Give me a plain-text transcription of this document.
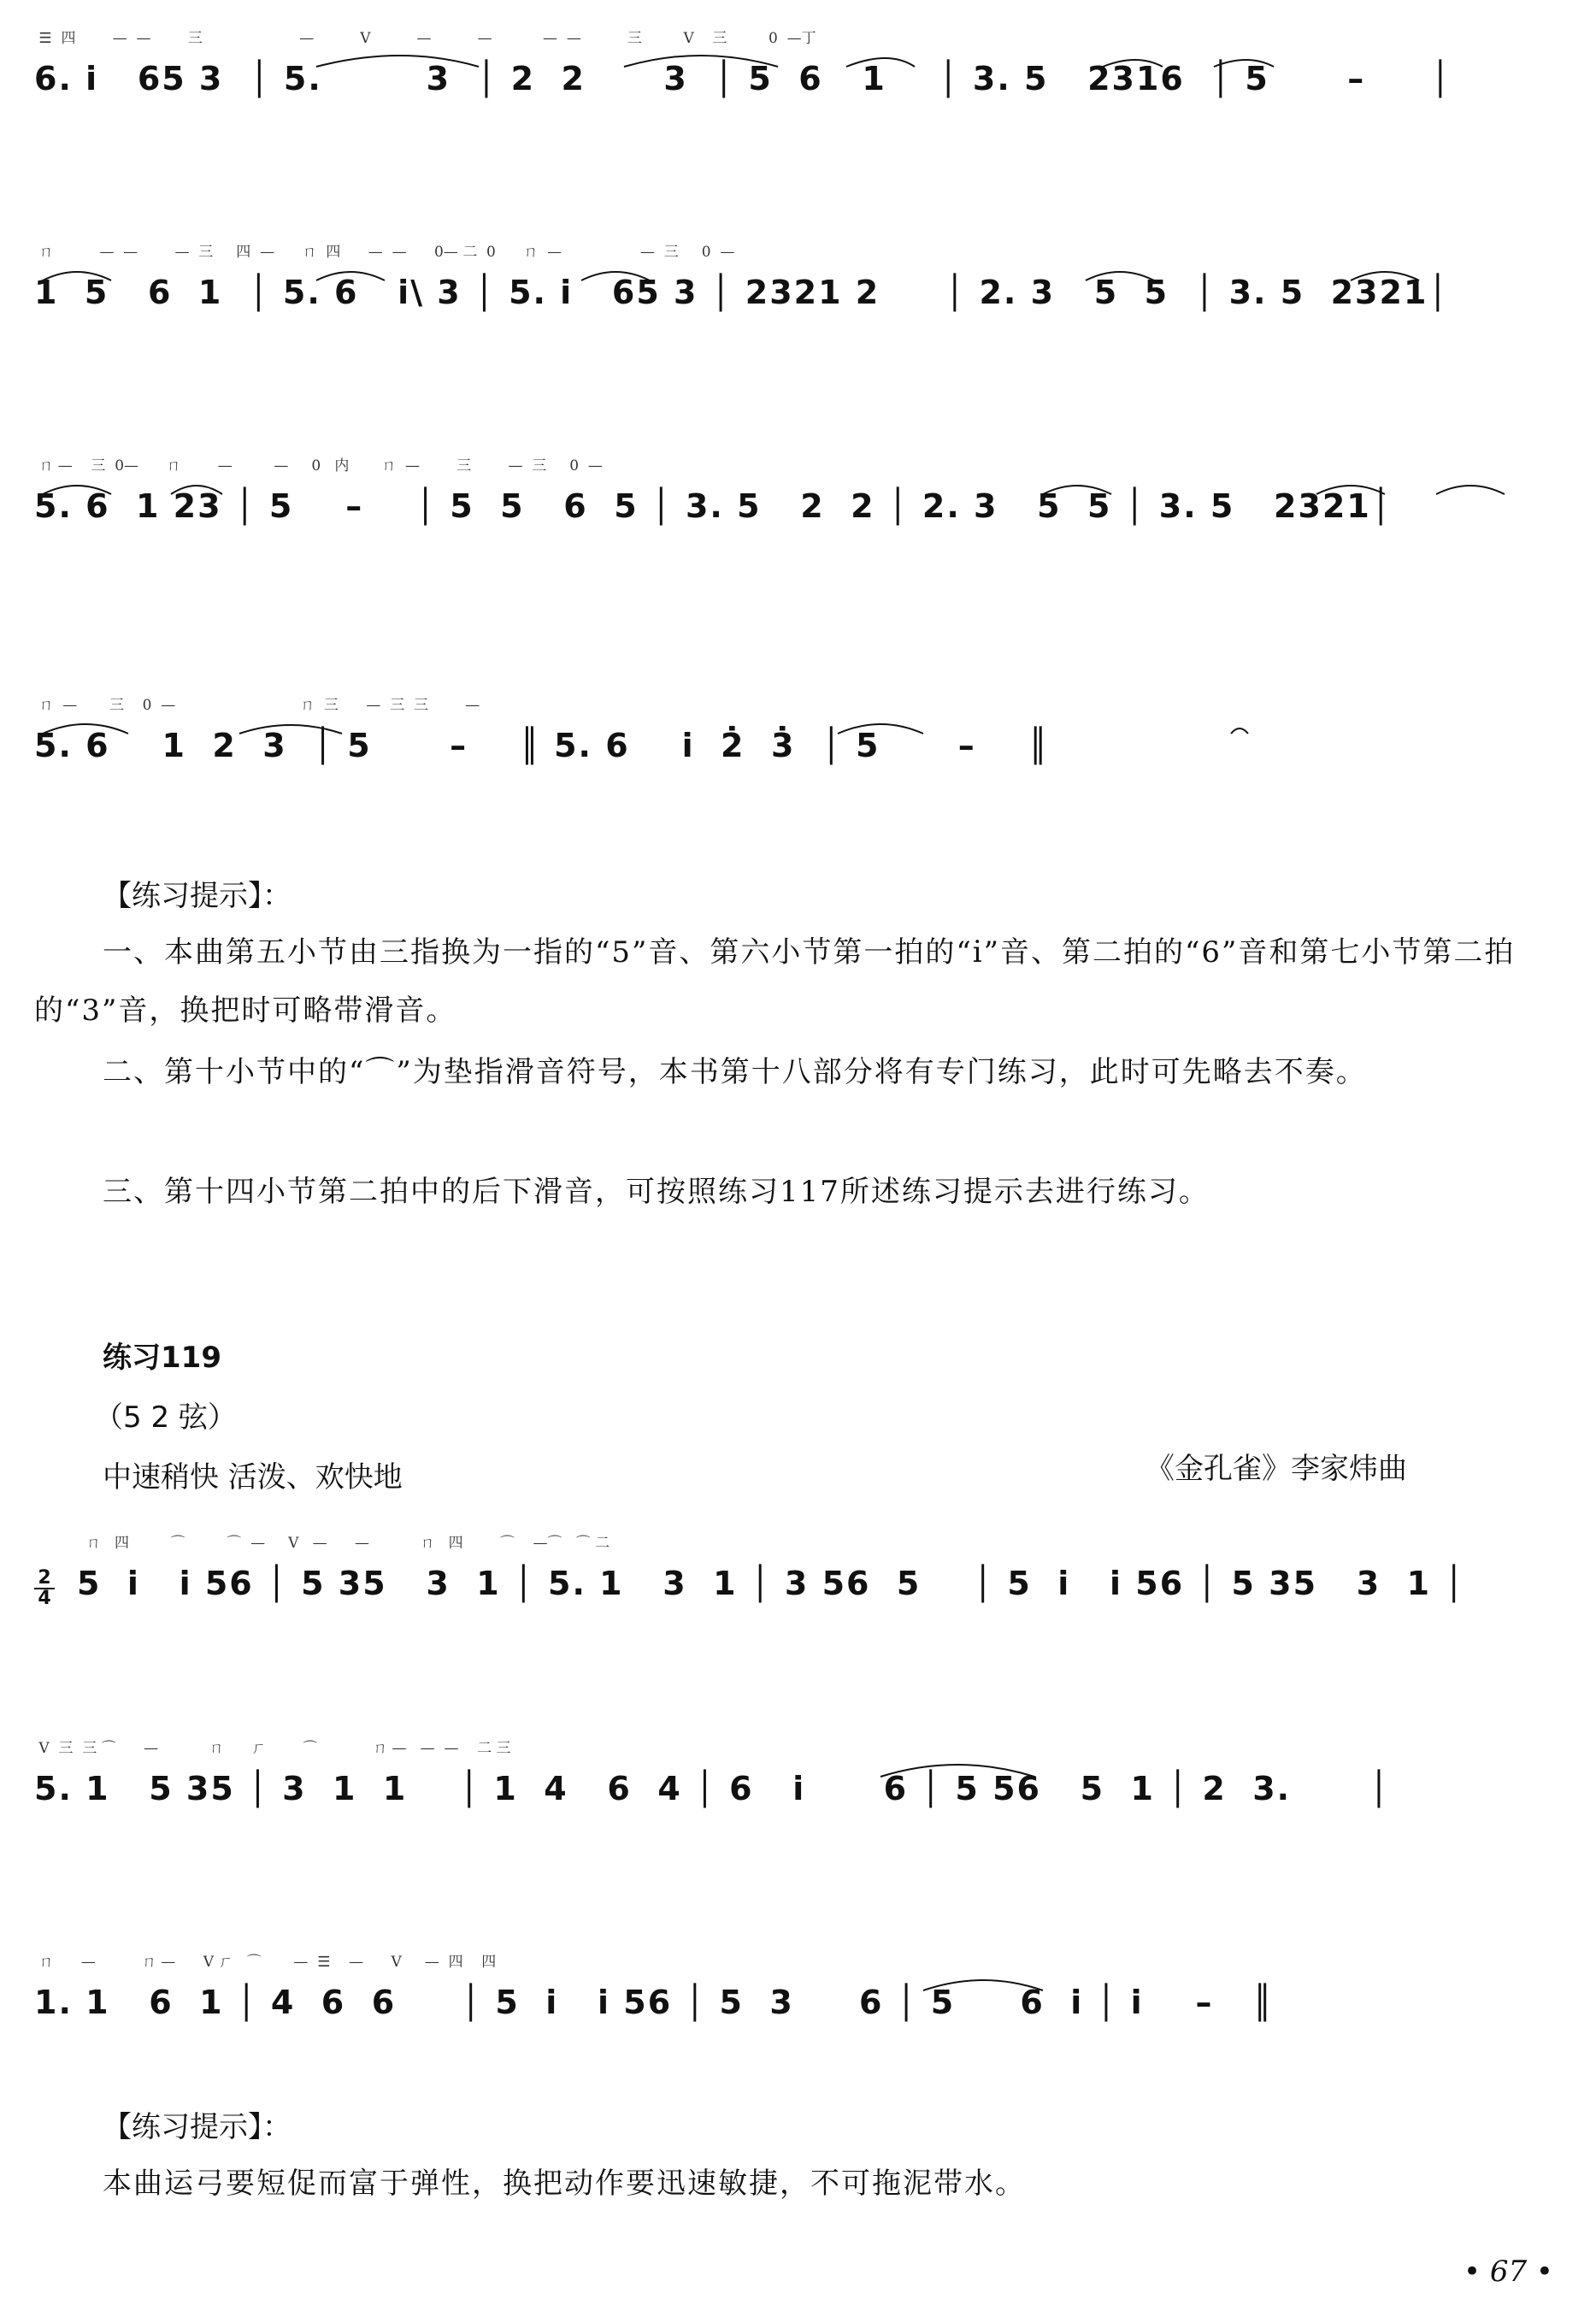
☰  四        —  —        三                     —          V          —          —           —  —          三         V    三         0  —丁
6. i̇   65 3  │ 5.        3  │ 2  2      3  │ 5  6   1    │ 3. 5   2316  │ 5      –     │
ㄇ          —  —        —  三     四  —      ㄇ  四      —  —      0— 二  0      ㄇ  —                 —  三     0  —
1  5   6  1  │ 5. 6   i̇\ 3 │ 5. i̇   65 3 │ 2321 2     │ 2. 3   5  5  │ 3. 5  2321│
ㄇ —    三  0—      ㄇ        —         —     0   内       ㄇ  —        三        —  三     0  —
5. 6  1 23 │ 5    –    │ 5  5   6  5 │ 3. 5   2  2 │ 2. 3   5  5 │ 3. 5   2321│
ㄇ  —       三    0  —                           ㄇ  三      —  三  三        —
5. 6    1  2  3  │ 5      –    ║ 5. 6    i̇  2̇  3̇  │ 5      –    ║
【练习提示】：
一、本曲第五小节由三指换为一指的“5”音、第六小节第一拍的“i̇”音、第二拍的“6”音和第七小节第二拍的“3”音，换把时可略带滑音。
二、第十小节中的“⌒”为垫指滑音符号，本书第十八部分将有专门练习，此时可先略去不奏。
三、第十四小节第二拍中的后下滑音，可按照练习117所述练习提示去进行练习。
练习119
（5 2 弦）
中速稍快 活泼、欢快地	《金孔雀》李家炜曲
2
4
ㄇ   四         ⌒         ⌒  —     V   —      —           ㄇ   四        ⌒    —⌒   ⌒ 二
5  i̇   i̇ 56 │ 5 35   3  1 │ 5. 1   3  1 │ 3 56  5    │ 5  i̇   i̇ 56 │ 5 35   3  1 │
V  三  三 ⌒      —           ㄇ      ㄏ        ⌒            ㄇ —   —  —    二 三
5. 1   5 35 │ 3  1  1    │ 1  4   6  4 │ 6   i̇      6 │ 5 56   5  1 │ 2  3.      │
ㄇ      —          ㄇ —      V ㄏ   ⌒       —  ☰    —      V     —  四    四
1. 1   6  1 │ 4  6  6     │ 5  i̇   i̇ 56 │ 5  3     6 │ 5     6  i̇ │ i̇    –   ║
【练习提示】：
本曲运弓要短促而富于弹性，换把动作要迅速敏捷，不可拖泥带水。
• 67 •
